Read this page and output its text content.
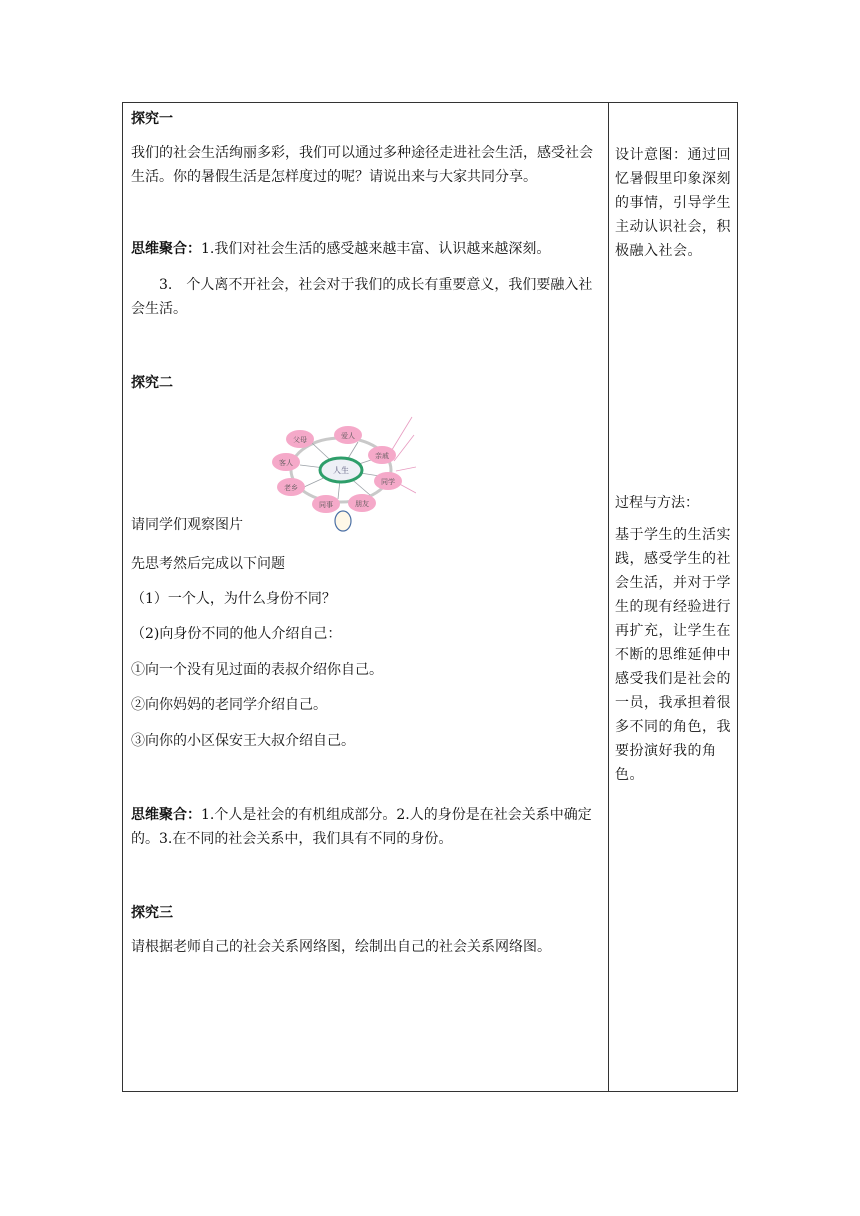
探究一
我们的社会生活绚丽多彩，我们可以通过多种途径走进社会生活，感受社会生活。你的暑假生活是怎样度过的呢？请说出来与大家共同分享。
思维聚合：1.我们对社会生活的感受越来越丰富、认识越来越深刻。
3.　个人离不开社会，社会对于我们的成长有重要意义，我们要融入社会生活。
探究二
人生
父母	爱人
亲戚
同学
朋友
同事
老乡
客人
请同学们观察图片
先思考然后完成以下问题
（1）一个人，为什么身份不同？
（2)向身份不同的他人介绍自己：
①向一个没有见过面的表叔介绍你自己。
②向你妈妈的老同学介绍自己。
③向你的小区保安王大叔介绍自己。
思维聚合：1.个人是社会的有机组成部分。2.人的身份是在社会关系中确定的。3.在不同的社会关系中，我们具有不同的身份。
探究三
请根据老师自己的社会关系网络图，绘制出自己的社会关系网络图。
设计意图：通过回忆暑假里印象深刻的事情，引导学生主动认识社会，积极融入社会。
过程与方法：
基于学生的生活实践，感受学生的社会生活，并对于学生的现有经验进行再扩充，让学生在不断的思维延伸中感受我们是社会的一员，我承担着很多不同的角色，我要扮演好我的角色。
